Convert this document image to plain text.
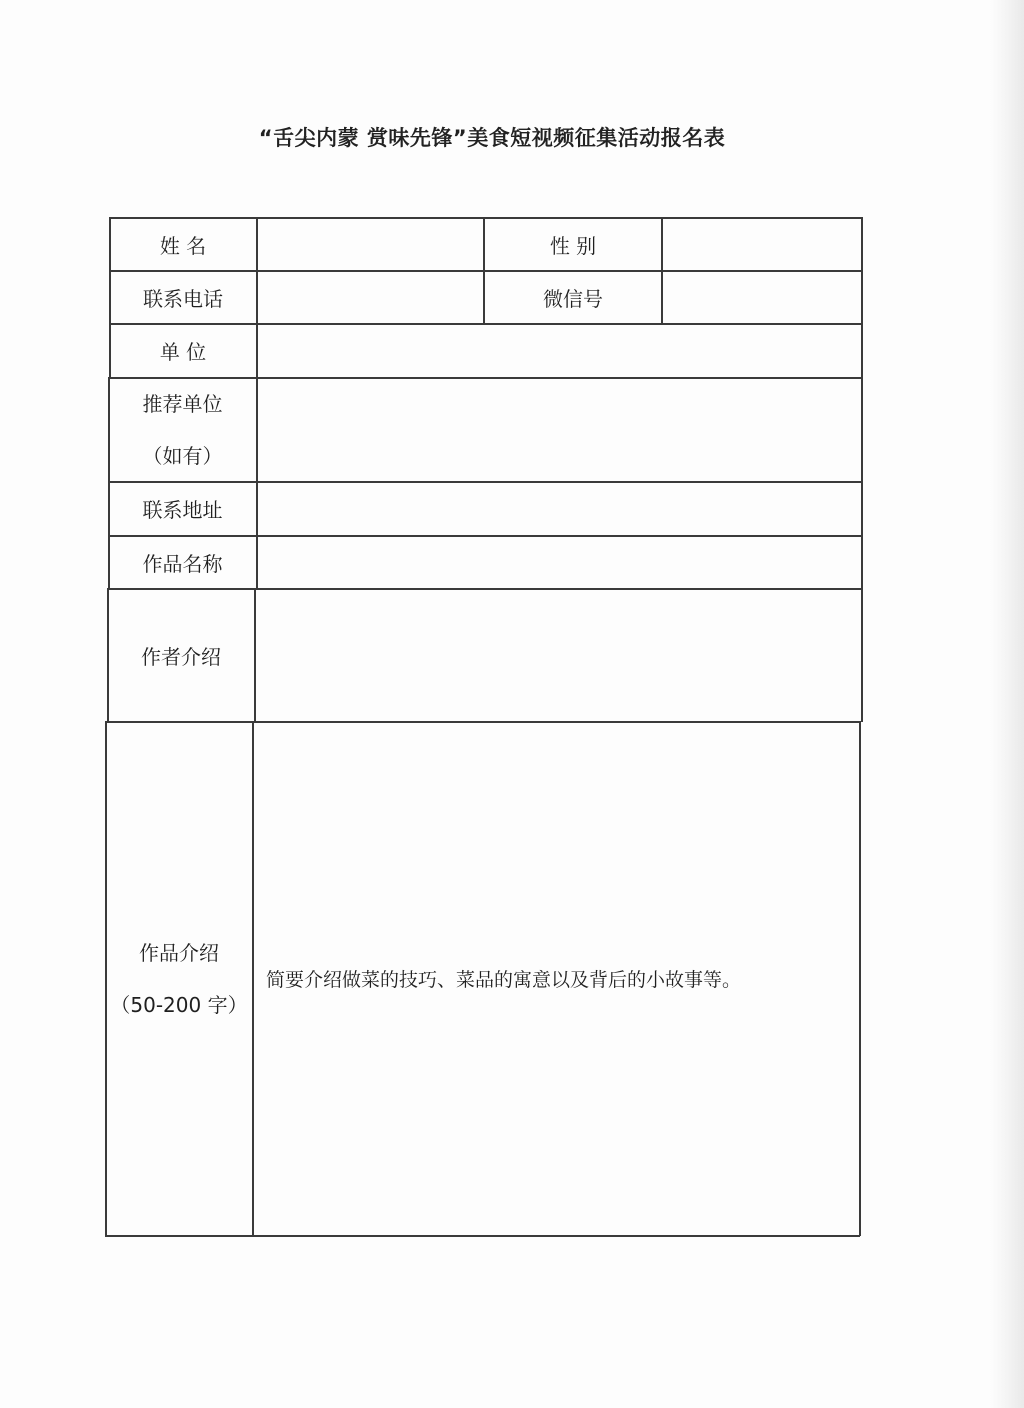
“舌尖内蒙 赏味先锋”美食短视频征集活动报名表
姓 名	性 别
联系电话	微信号
单 位
推荐单位
（如有）
联系地址
作品名称
作者介绍
作品介绍
（50-200 字）
简要介绍做菜的技巧、菜品的寓意以及背后的小故事等。
